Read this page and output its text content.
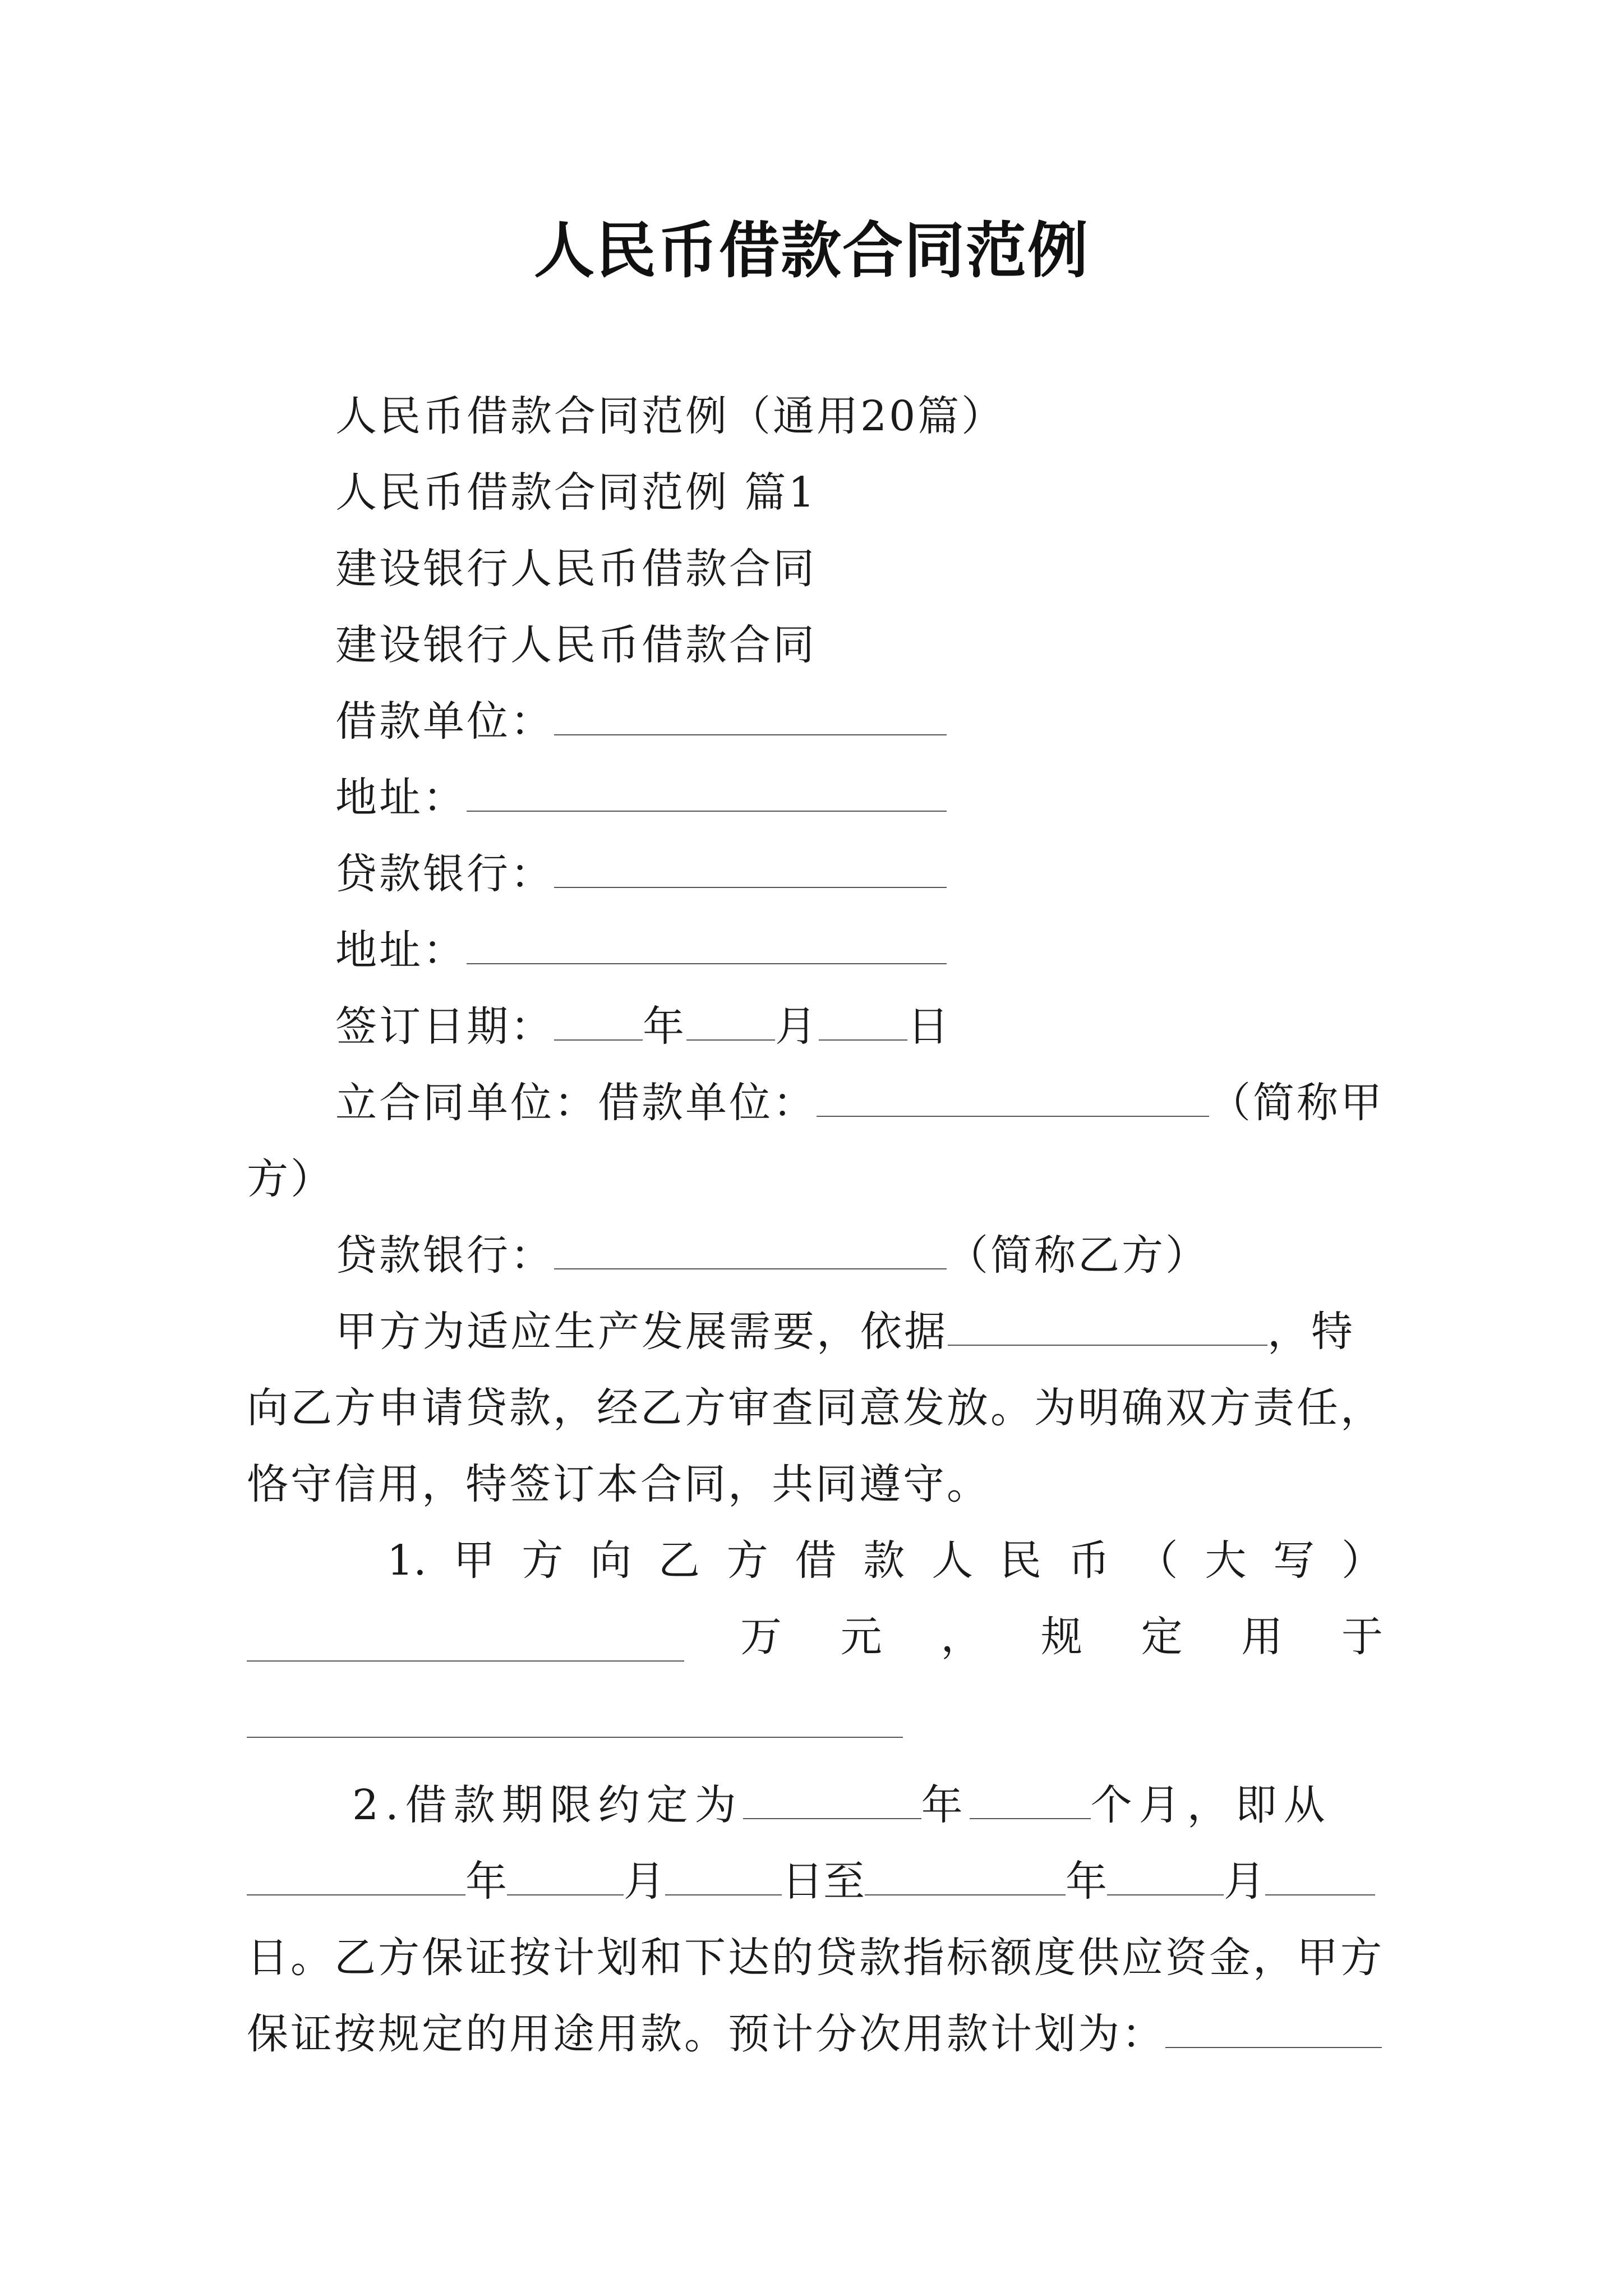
人民币借款合同范例
人民币借款合同范例（通用20篇）
人民币借款合同范例 篇1
建设银行人民币借款合同
建设银行人民币借款合同
借款单位：
地址：
贷款银行：
地址：
签订日期： 年 月 日
立合同单位：借款单位：	（简称甲
方）
贷款银行：	（简称乙方）
甲方为适应生产发展需要，依据	，特
向乙方申请贷款，经乙方审查同意发放。为明确双方责任，
恪守信用，特签订本合同，共同遵守。
1. 甲 方 向 乙 方 借 款 人 民 币 （ 大 写 ）
万 元 ， 规 定 用 于
2.借款期限约定为	年	个月，即从
年	月	日至	年	月
日。乙方保证按计划和下达的贷款指标额度供应资金，甲方
保证按规定的用途用款。预计分次用款计划为：
